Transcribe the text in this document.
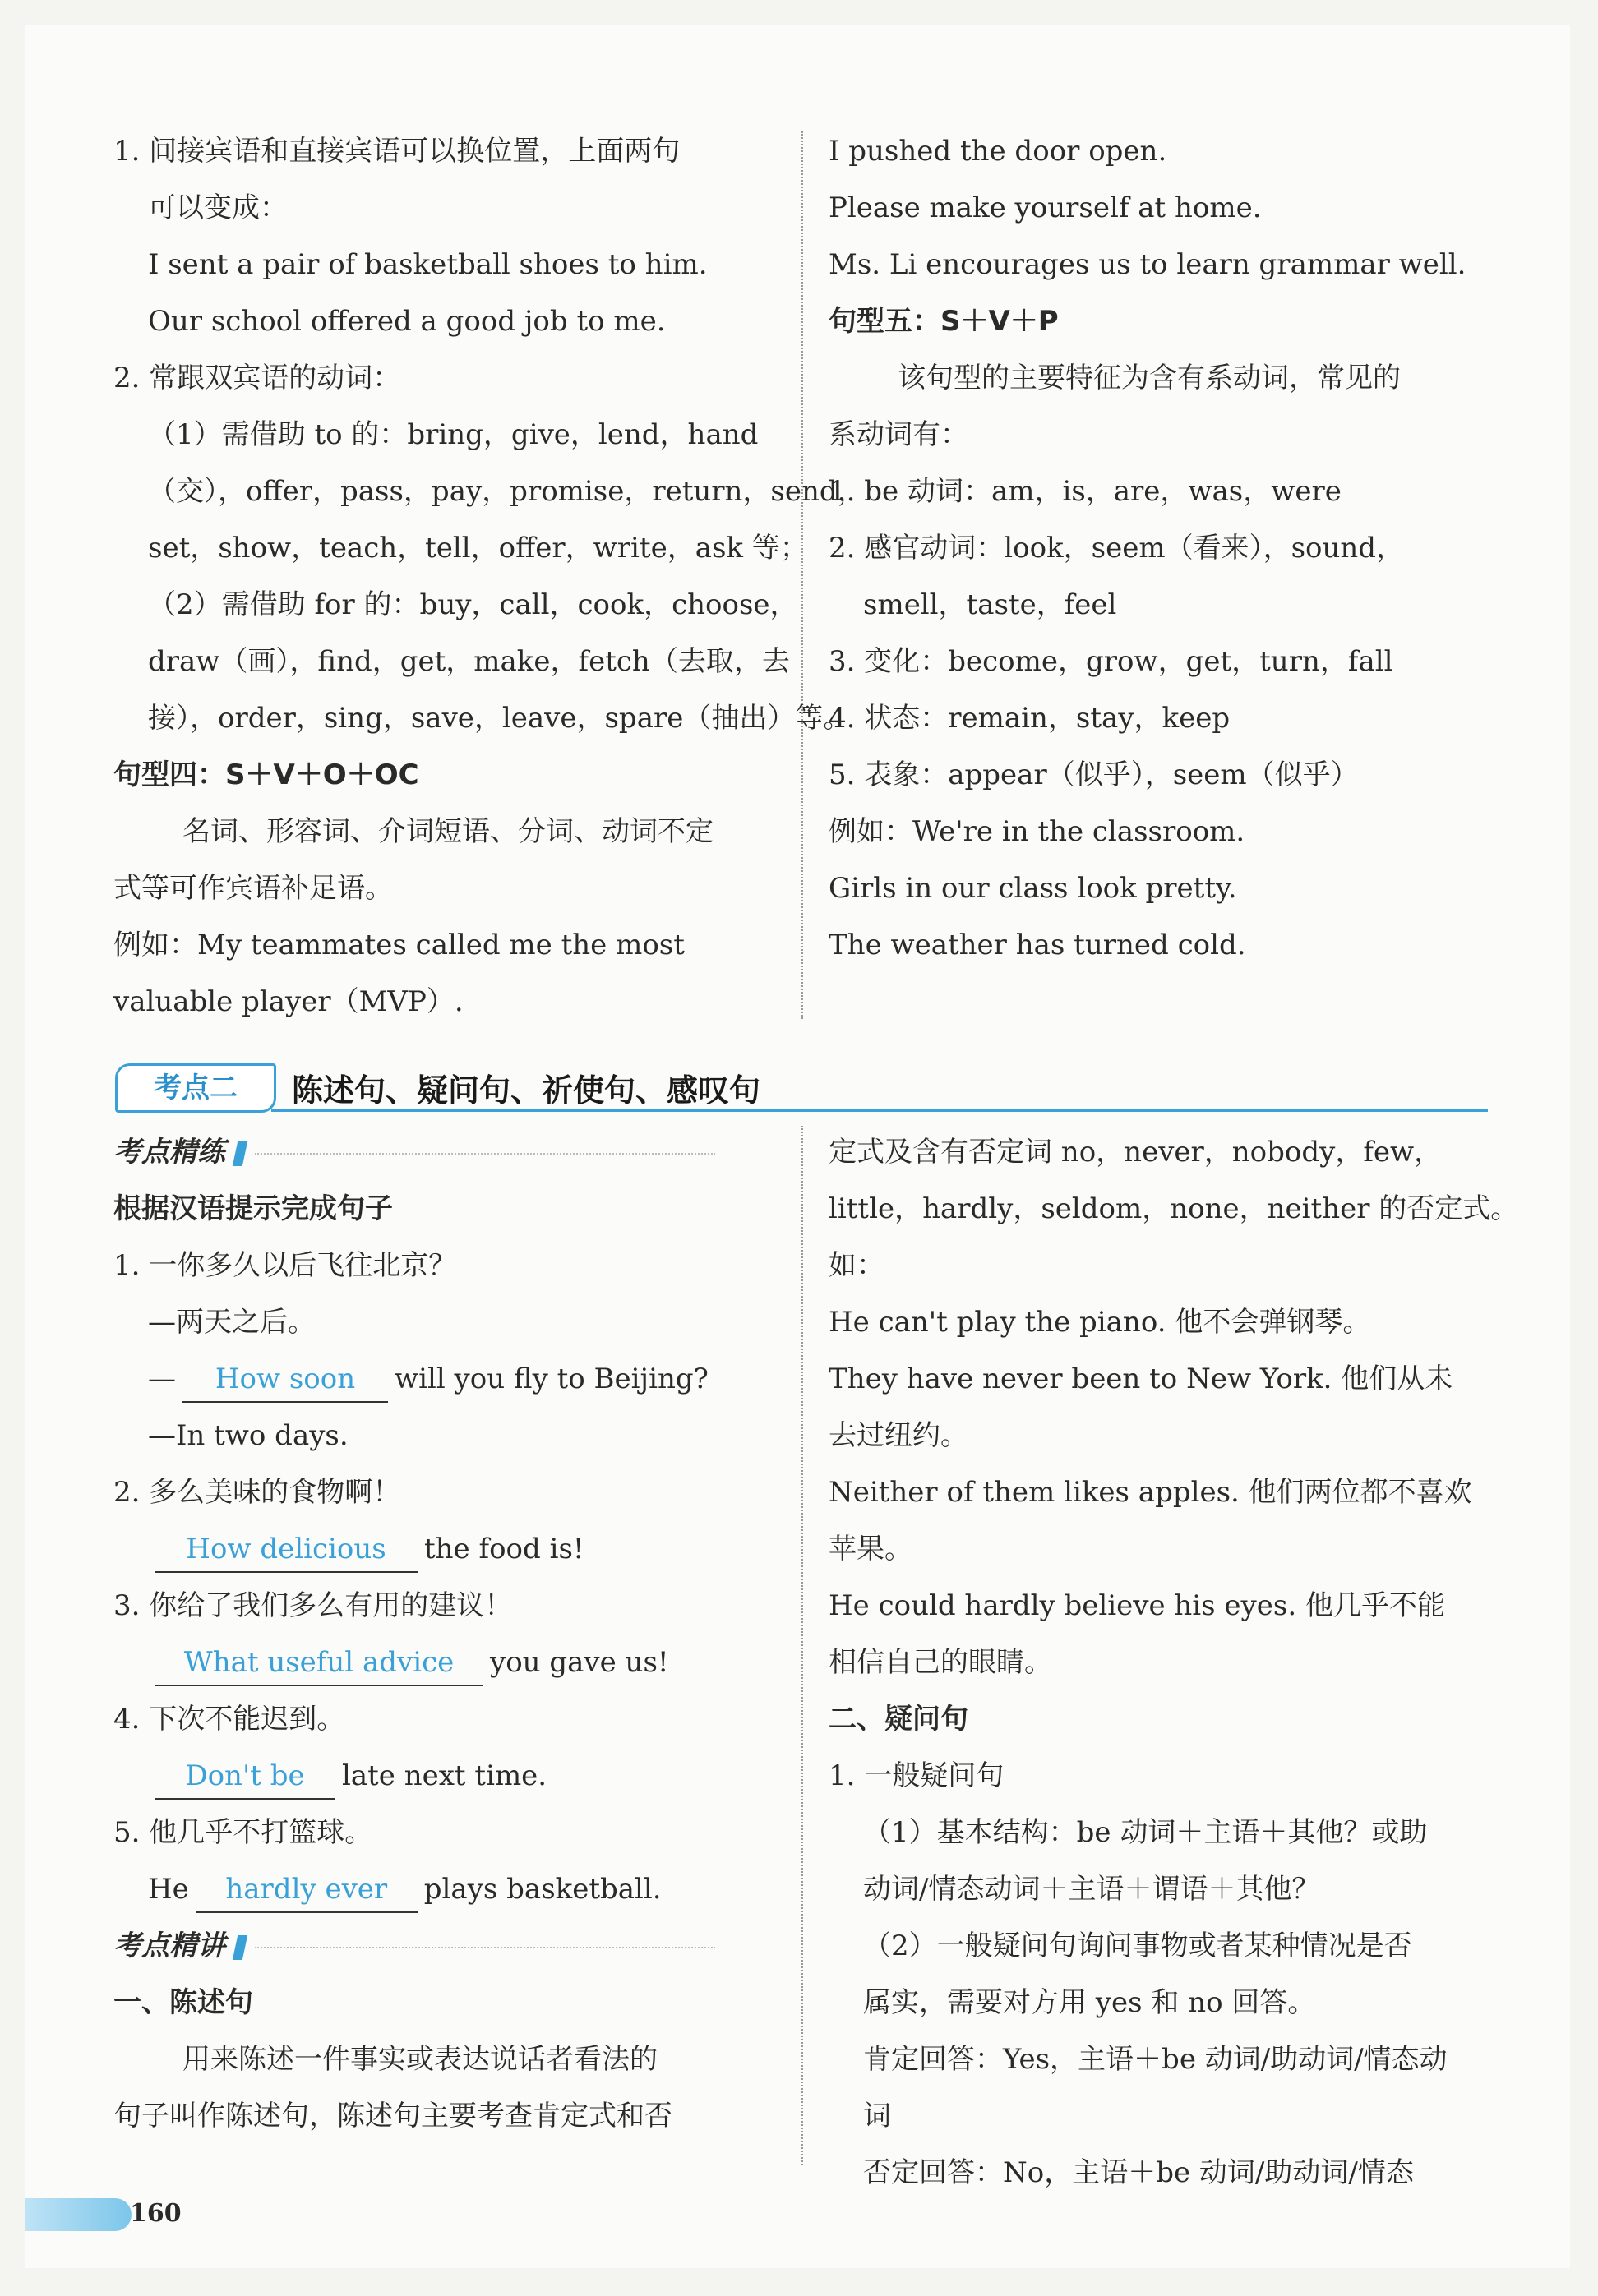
1. 间接宾语和直接宾语可以换位置，上面两句

可以变成：

I sent a pair of basketball shoes to him.

Our school offered a good job to me.

2. 常跟双宾语的动词：

（1）需借助 to 的：bring，give，lend，hand

（交），offer，pass，pay，promise，return，send，

set，show，teach，tell，offer，write，ask 等；

（2）需借助 for 的：buy，call，cook，choose，

draw（画），find，get，make，fetch（去取，去

接），order，sing，save，leave，spare（抽出）等。

句型四：S＋V＋O＋OC

名词、形容词、介词短语、分词、动词不定

式等可作宾语补足语。

例如：My teammates called me the most

valuable player（MVP）.

I pushed the door open.

Please make yourself at home.

Ms. Li encourages us to learn grammar well.

句型五：S＋V＋P

该句型的主要特征为含有系动词，常见的

系动词有：

1. be 动词：am，is，are，was，were

2. 感官动词：look，seem（看来），sound，

smell，taste，feel

3. 变化：become，grow，get，turn，fall

4. 状态：remain，stay，keep

5. 表象：appear（似乎），seem（似乎）

例如：We're in the classroom.

Girls in our class look pretty.

The weather has turned cold.

考点二	陈述句、疑问句、祈使句、感叹句

考点精练

根据汉语提示完成句子

1. 一你多久以后飞往北京？

—两天之后。

— How soon will you fly to Beijing?

—In two days.

2. 多么美味的食物啊！

How delicious the food is!

3. 你给了我们多么有用的建议！

What useful advice you gave us!

4. 下次不能迟到。

Don't be late next time.

5. 他几乎不打篮球。

He hardly ever plays basketball.

考点精讲

一、陈述句

用来陈述一件事实或表达说话者看法的

句子叫作陈述句，陈述句主要考查肯定式和否

定式及含有否定词 no，never，nobody，few，

little，hardly，seldom，none，neither 的否定式。

如：

He can't play the piano. 他不会弹钢琴。

They have never been to New York. 他们从未

去过纽约。

Neither of them likes apples. 他们两位都不喜欢

苹果。

He could hardly believe his eyes. 他几乎不能

相信自己的眼睛。

二、疑问句

1. 一般疑问句

（1）基本结构：be 动词＋主语＋其他？或助

动词/情态动词＋主语＋谓语＋其他？

（2）一般疑问句询问事物或者某种情况是否

属实，需要对方用 yes 和 no 回答。

肯定回答：Yes，主语＋be 动词/助动词/情态动

词

否定回答：No，主语＋be 动词/助动词/情态

160
